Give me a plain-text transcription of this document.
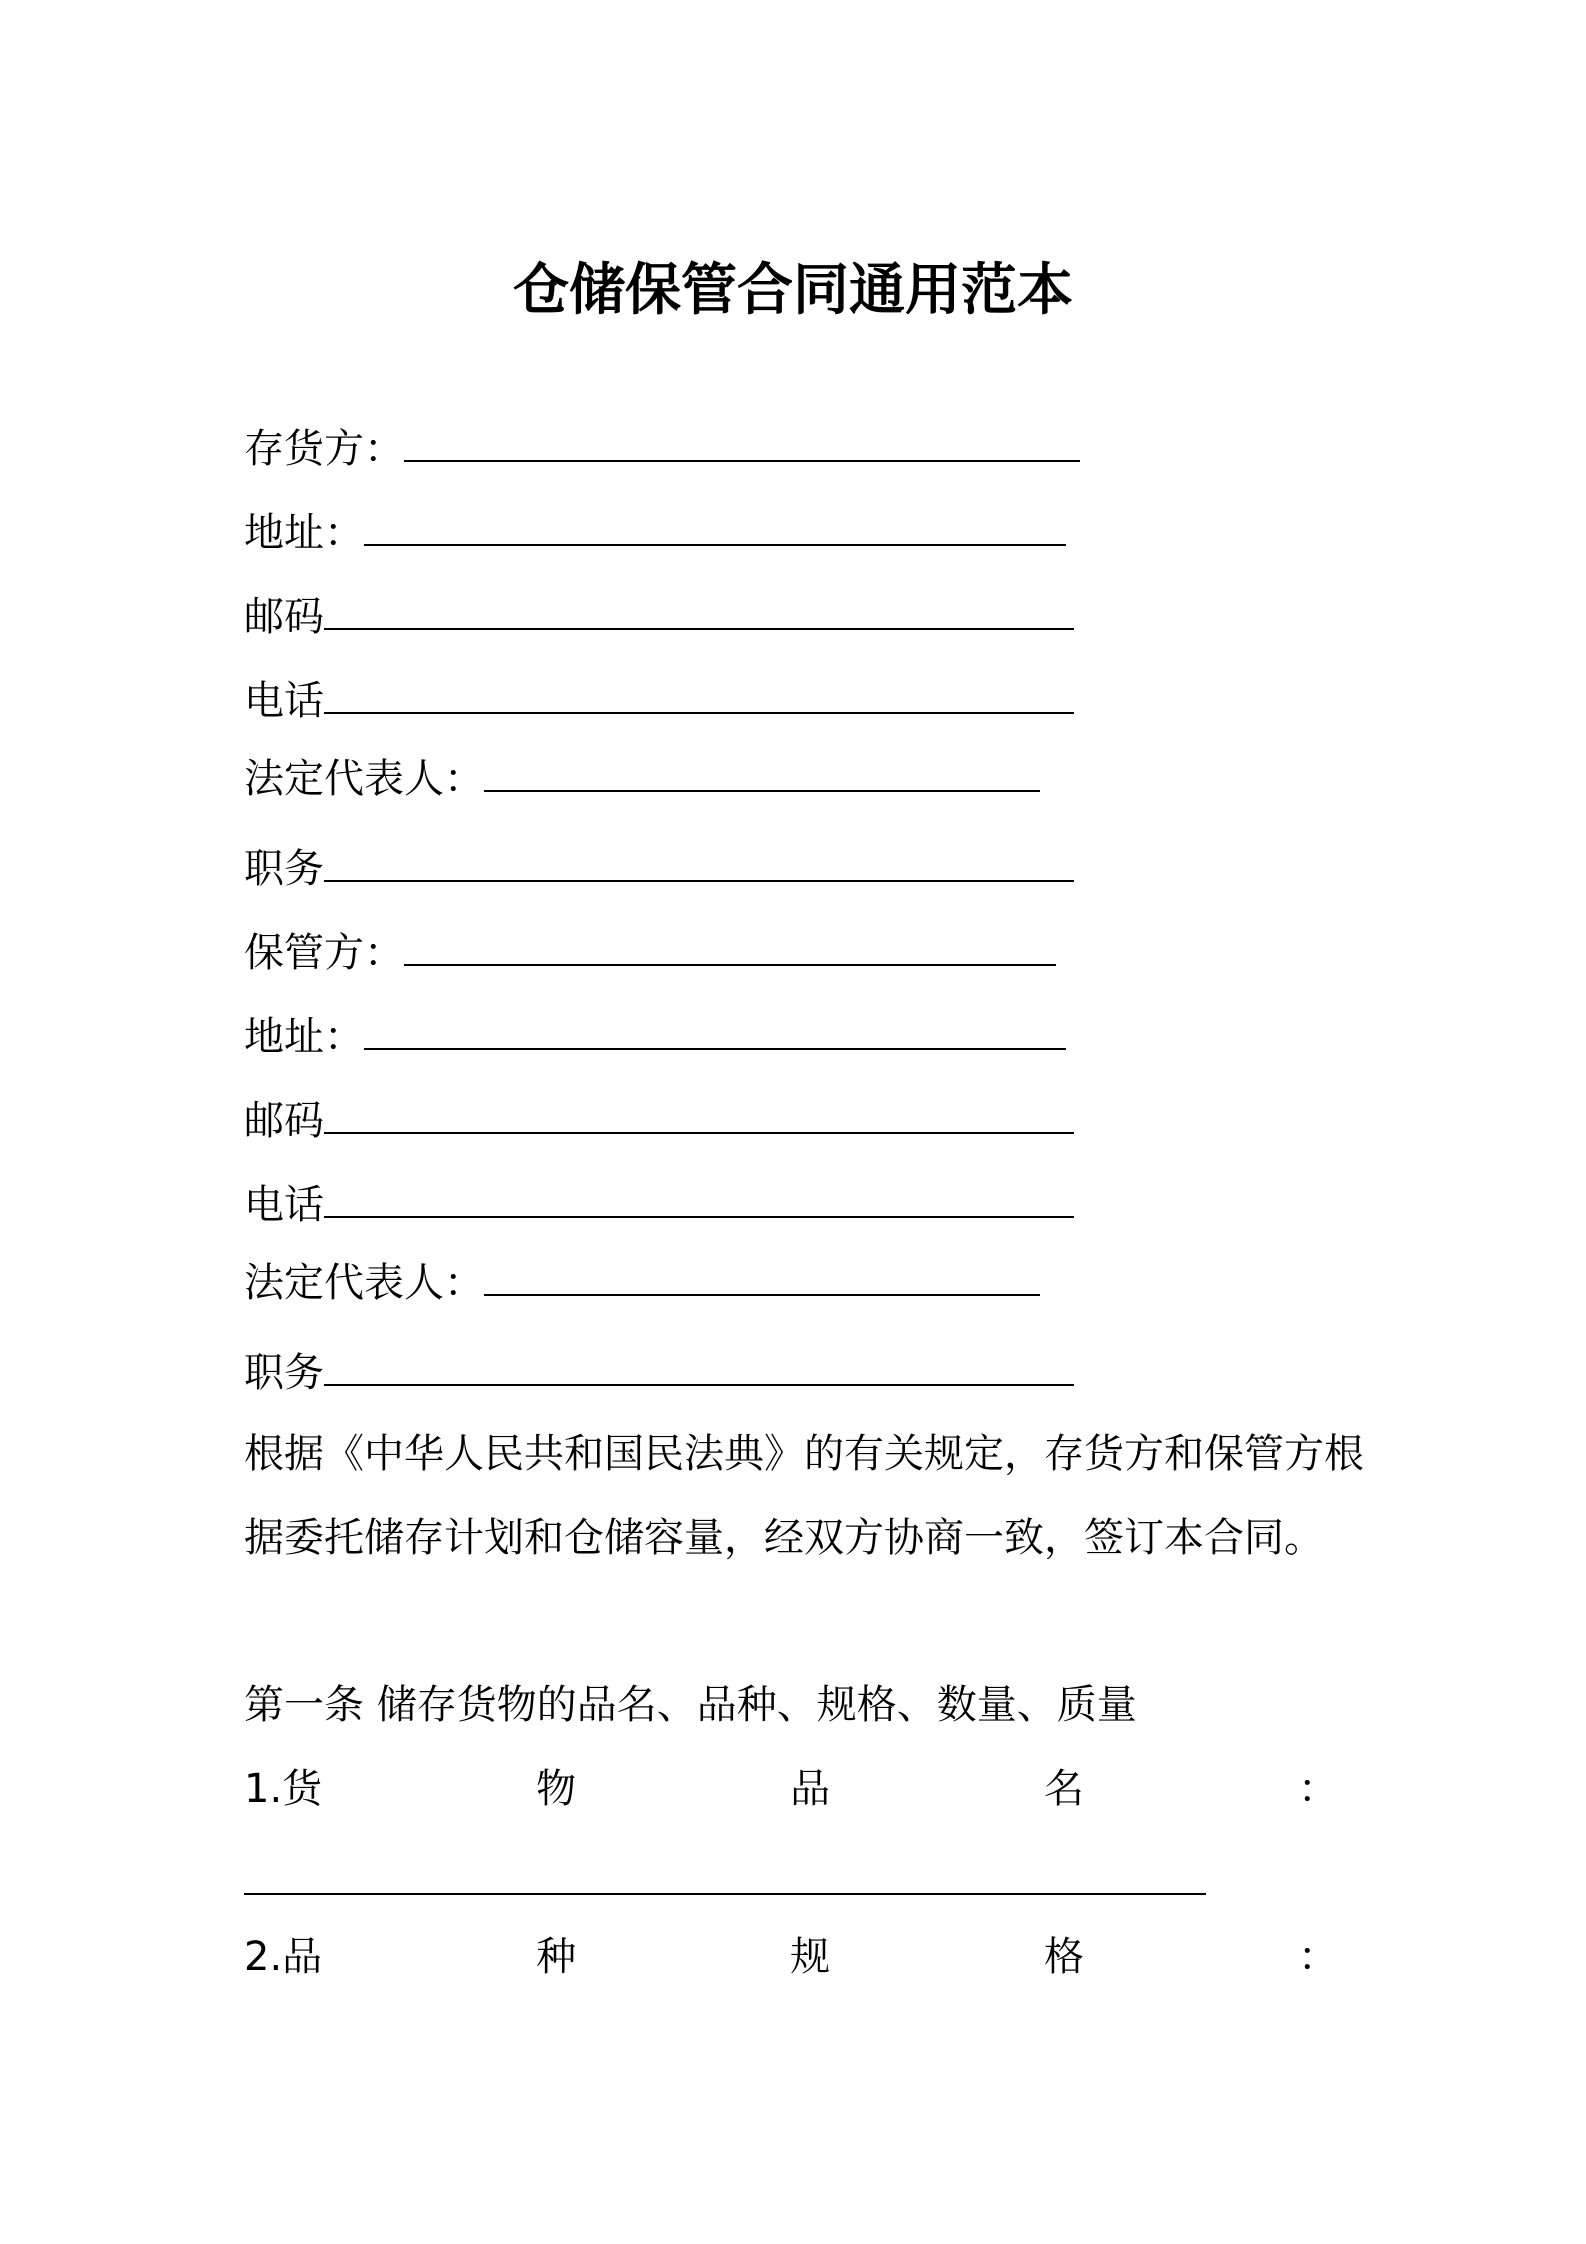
仓储保管合同通用范本
存货方：
地址：
邮码
电话
法定代表人：
职务
保管方：
地址：
邮码
电话
法定代表人：
职务

根据《中华人民共和国民法典》的有关规定，存货方和保管方根据委托储存计划和仓储容量，经双方协商一致，签订本合同。

第一条 储存货物的品名、品种、规格、数量、质量
1.货	物	品	名	：
2.品	种	规	格	：
